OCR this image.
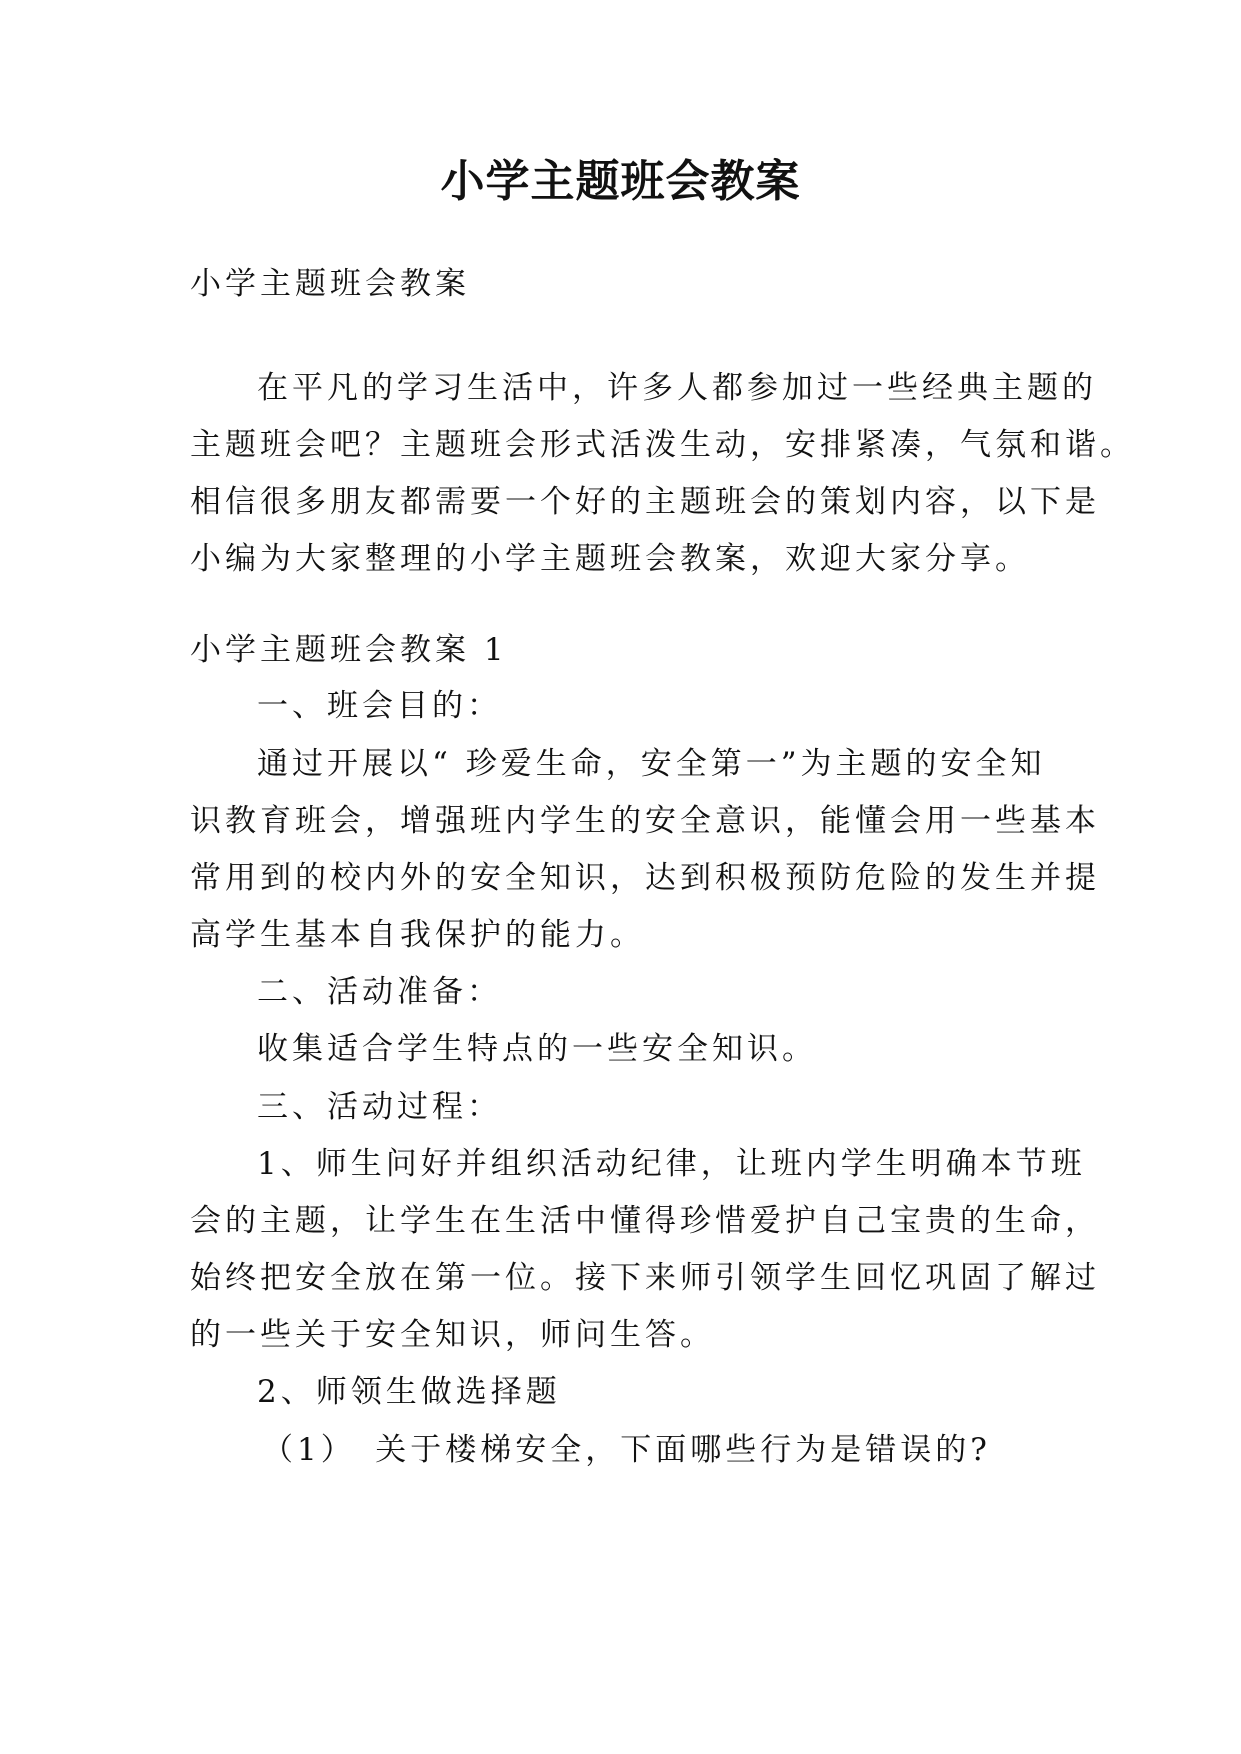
小学主题班会教案
小学主题班会教案
在平凡的学习生活中，许多人都参加过一些经典主题的
主题班会吧？主题班会形式活泼生动，安排紧凑，气氛和谐。
相信很多朋友都需要一个好的主题班会的策划内容，以下是
小编为大家整理的小学主题班会教案，欢迎大家分享。
小学主题班会教案 1
一、班会目的：
通过开展以“ 珍爱生命，安全第一”为主题的安全知
识教育班会，增强班内学生的安全意识，能懂会用一些基本
常用到的校内外的安全知识，达到积极预防危险的发生并提
高学生基本自我保护的能力。
二、活动准备：
收集适合学生特点的一些安全知识。
三、活动过程：
1、师生问好并组织活动纪律，让班内学生明确本节班
会的主题，让学生在生活中懂得珍惜爱护自己宝贵的生命，
始终把安全放在第一位。接下来师引领学生回忆巩固了解过
的一些关于安全知识，师问生答。
2、师领生做选择题
（1）　关于楼梯安全，下面哪些行为是错误的?
